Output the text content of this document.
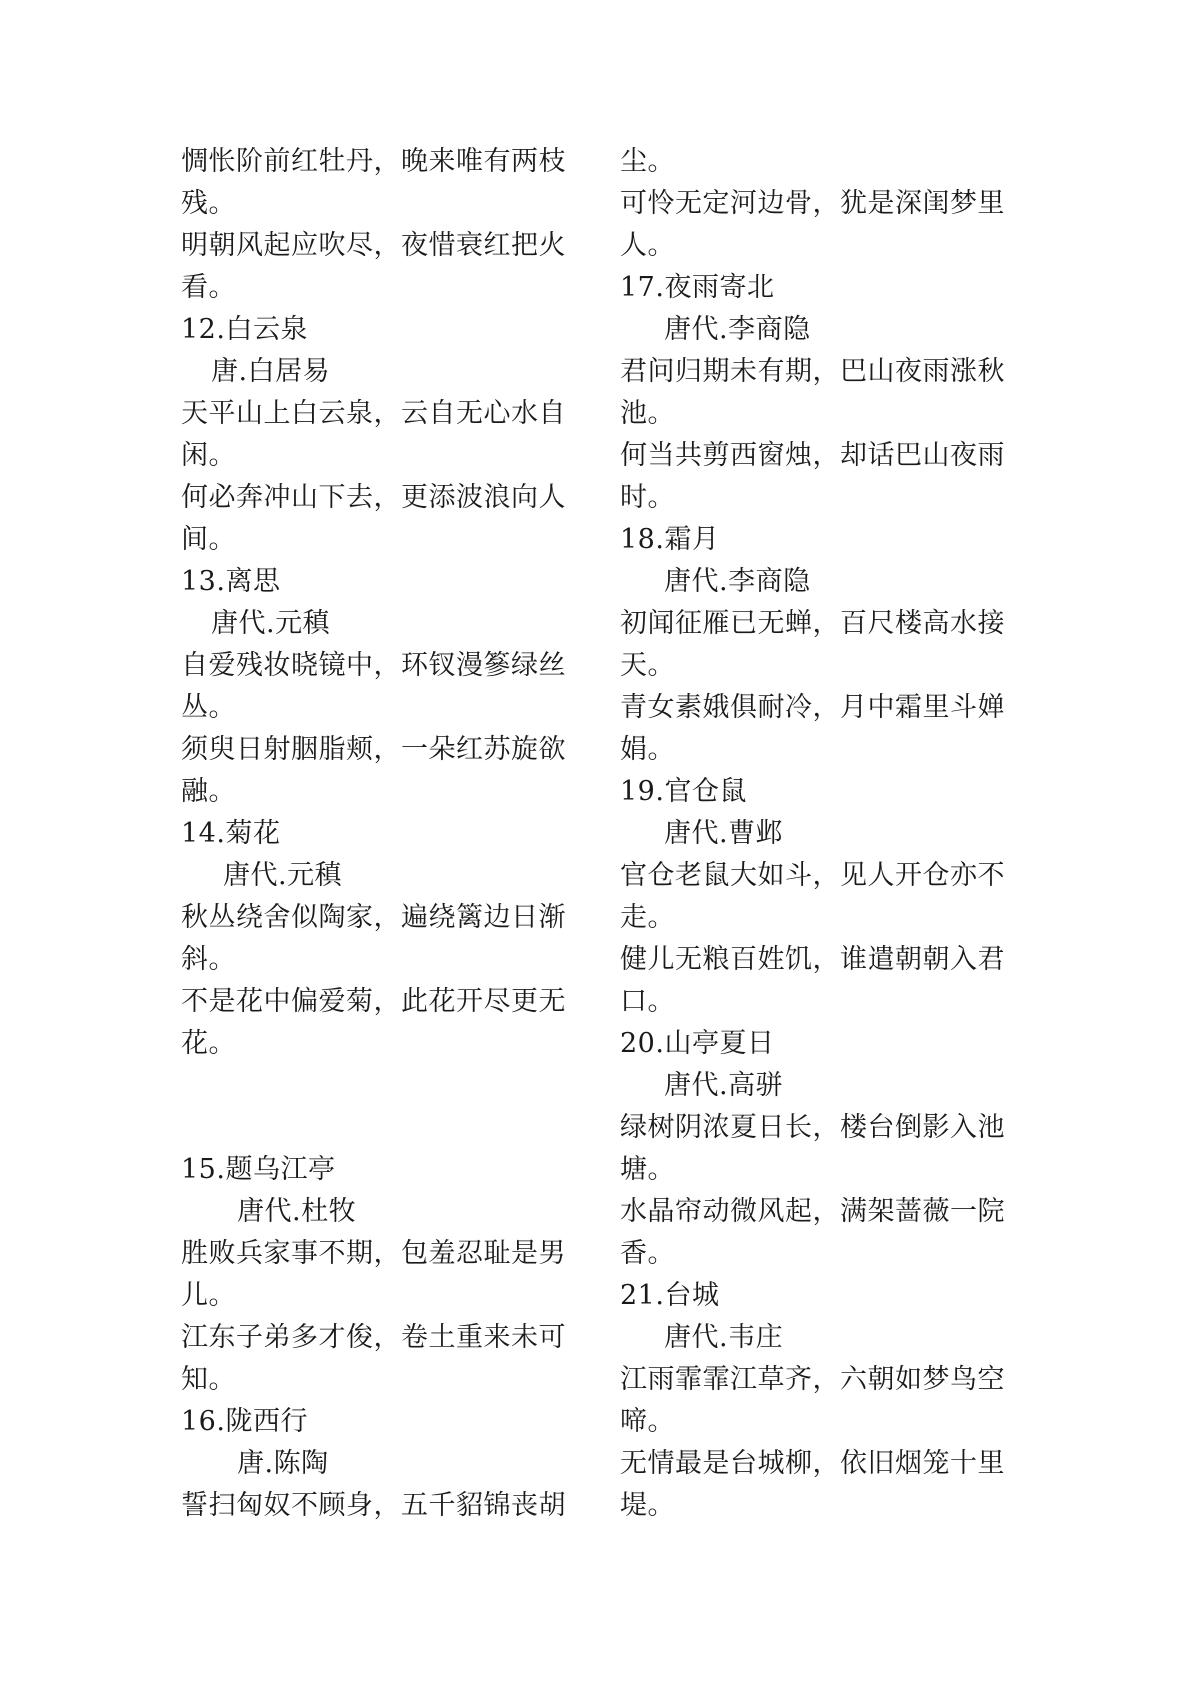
惆怅阶前红牡丹，晚来唯有两枝
残。
明朝风起应吹尽，夜惜衰红把火
看。
12.白云泉
唐.白居易
天平山上白云泉，云自无心水自
闲。
何必奔冲山下去，更添波浪向人
间。
13.离思
唐代.元稹
自爱残妆晓镜中，环钗漫篸绿丝
丛。
须臾日射胭脂颊，一朵红苏旋欲
融。
14.菊花
唐代.元稹
秋丛绕舍似陶家，遍绕篱边日渐
斜。
不是花中偏爱菊，此花开尽更无
花。
15.题乌江亭
唐代.杜牧
胜败兵家事不期，包羞忍耻是男
儿。
江东子弟多才俊，卷土重来未可
知。
16.陇西行
唐.陈陶
誓扫匈奴不顾身，五千貂锦丧胡
尘。
可怜无定河边骨，犹是深闺梦里
人。
17.夜雨寄北
唐代.李商隐
君问归期未有期，巴山夜雨涨秋
池。
何当共剪西窗烛，却话巴山夜雨
时。
18.霜月
唐代.李商隐
初闻征雁已无蝉，百尺楼高水接
天。
青女素娥俱耐冷，月中霜里斗婵
娟。
19.官仓鼠
唐代.曹邺
官仓老鼠大如斗，见人开仓亦不
走。
健儿无粮百姓饥，谁遣朝朝入君
口。
20.山亭夏日
唐代.高骈
绿树阴浓夏日长，楼台倒影入池
塘。
水晶帘动微风起，满架蔷薇一院
香。
21.台城
唐代.韦庄
江雨霏霏江草齐，六朝如梦鸟空
啼。
无情最是台城柳，依旧烟笼十里
堤。
